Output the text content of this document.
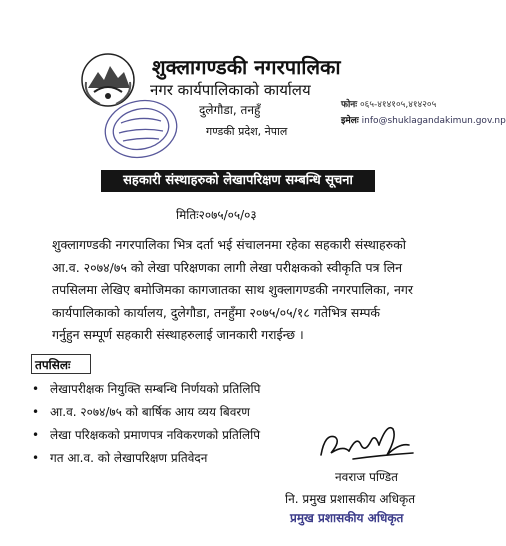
शुक्लागण्डकी नगरपालिका
नगर कार्यपालिकाको कार्यालय
दुलेगौडा, तनहुँ
गण्डकी प्रदेश, नेपाल
फोनः ०६५-४१४१०५,४१४२०५
इमेलः info@shuklagandakimun.gov.np
सहकारी संस्थाहरुको लेखापरिक्षण सम्बन्धि सूचना
मितिः२०७५/०५/०३
शुक्लागण्डकी नगरपालिका भित्र दर्ता भई संचालनमा रहेका सहकारी संस्थाहरुको
आ.व. २०७४/७५ को लेखा परिक्षणका लागी लेखा परीक्षकको स्वीकृति पत्र लिन
तपसिलमा लेखिए बमोजिमका कागजातका साथ शुक्लागण्डकी नगरपालिका, नगर
कार्यपालिकाको कार्यालय, दुलेगौडा, तनहुँमा २०७५/०५/१८ गतेभित्र सम्पर्क
गर्नुहुन सम्पूर्ण सहकारी संस्थाहरुलाई जानकारी गराईन्छ ।
तपसिलः
• लेखापरीक्षक नियुक्ति सम्बन्धि निर्णयको प्रतिलिपि
• आ.व. २०७४/७५ को बार्षिक आय व्यय बिवरण
• लेखा परिक्षकको प्रमाणपत्र नविकरणको प्रतिलिपि
• गत आ.व. को लेखापरिक्षण प्रतिवेदन
नवराज पण्डित
नि. प्रमुख प्रशासकीय अधिकृत
प्रमुख प्रशासकीय अधिकृत
